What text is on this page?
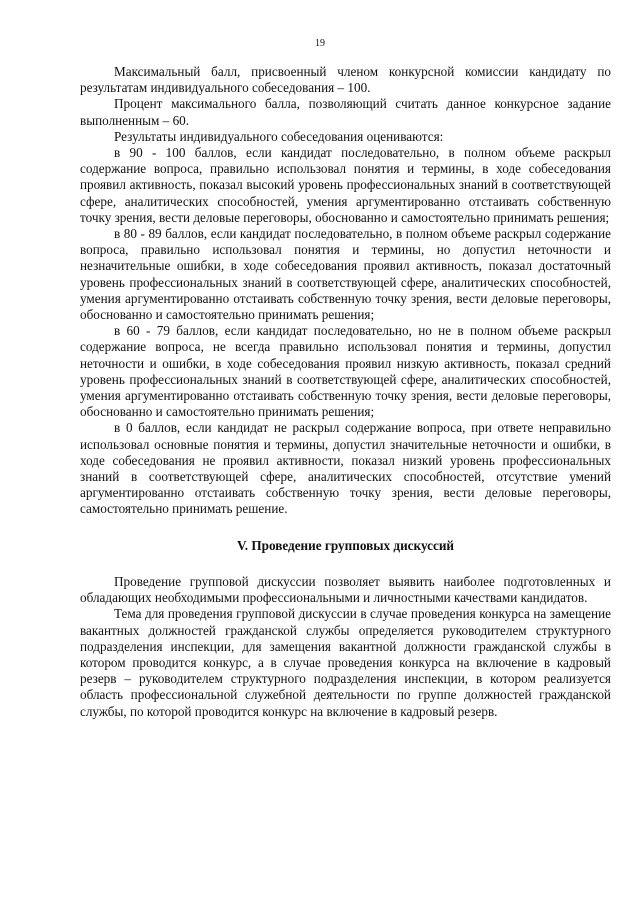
19

Максимальный балл, присвоенный членом конкурсной комиссии кандидату по результатам индивидуального собеседования – 100.

Процент максимального балла, позволяющий считать данное конкурсное задание выполненным – 60.

Результаты индивидуального собеседования оцениваются:

в 90 - 100 баллов, если кандидат последовательно, в полном объеме раскрыл содержание вопроса, правильно использовал понятия и термины, в ходе собеседования проявил активность, показал высокий уровень профессиональных знаний в соответствующей сфере, аналитических способностей, умения аргументированно отстаивать собственную точку зрения, вести деловые переговоры, обоснованно и самостоятельно принимать решения;

в 80 - 89 баллов, если кандидат последовательно, в полном объеме раскрыл содержание вопроса, правильно использовал понятия и термины, но допустил неточности и незначительные ошибки, в ходе собеседования проявил активность, показал достаточный уровень профессиональных знаний в соответствующей сфере, аналитических способностей, умения аргументированно отстаивать собственную точку зрения, вести деловые переговоры, обоснованно и самостоятельно принимать решения;

в 60 - 79 баллов, если кандидат последовательно, но не в полном объеме раскрыл содержание вопроса, не всегда правильно использовал понятия и термины, допустил неточности и ошибки, в ходе собеседования проявил низкую активность, показал средний уровень профессиональных знаний в соответствующей сфере, аналитических способностей, умения аргументированно отстаивать собственную точку зрения, вести деловые переговоры, обоснованно и самостоятельно принимать решения;

в 0 баллов, если кандидат не раскрыл содержание вопроса, при ответе неправильно использовал основные понятия и термины, допустил значительные неточности и ошибки, в ходе собеседования не проявил активности, показал низкий уровень профессиональных знаний в соответствующей сфере, аналитических способностей, отсутствие умений аргументированно отстаивать собственную точку зрения, вести деловые переговоры, самостоятельно принимать решение.

V. Проведение групповых дискуссий

Проведение групповой дискуссии позволяет выявить наиболее подготовленных и обладающих необходимыми профессиональными и личностными качествами кандидатов.

Тема для проведения групповой дискуссии в случае проведения конкурса на замещение вакантных должностей гражданской службы определяется руководителем структурного подразделения инспекции, для замещения вакантной должности гражданской службы в котором проводится конкурс, а в случае проведения конкурса на включение в кадровый резерв – руководителем структурного подразделения инспекции, в котором реализуется область профессиональной служебной деятельности по группе должностей гражданской службы, по которой проводится конкурс на включение в кадровый резерв.
